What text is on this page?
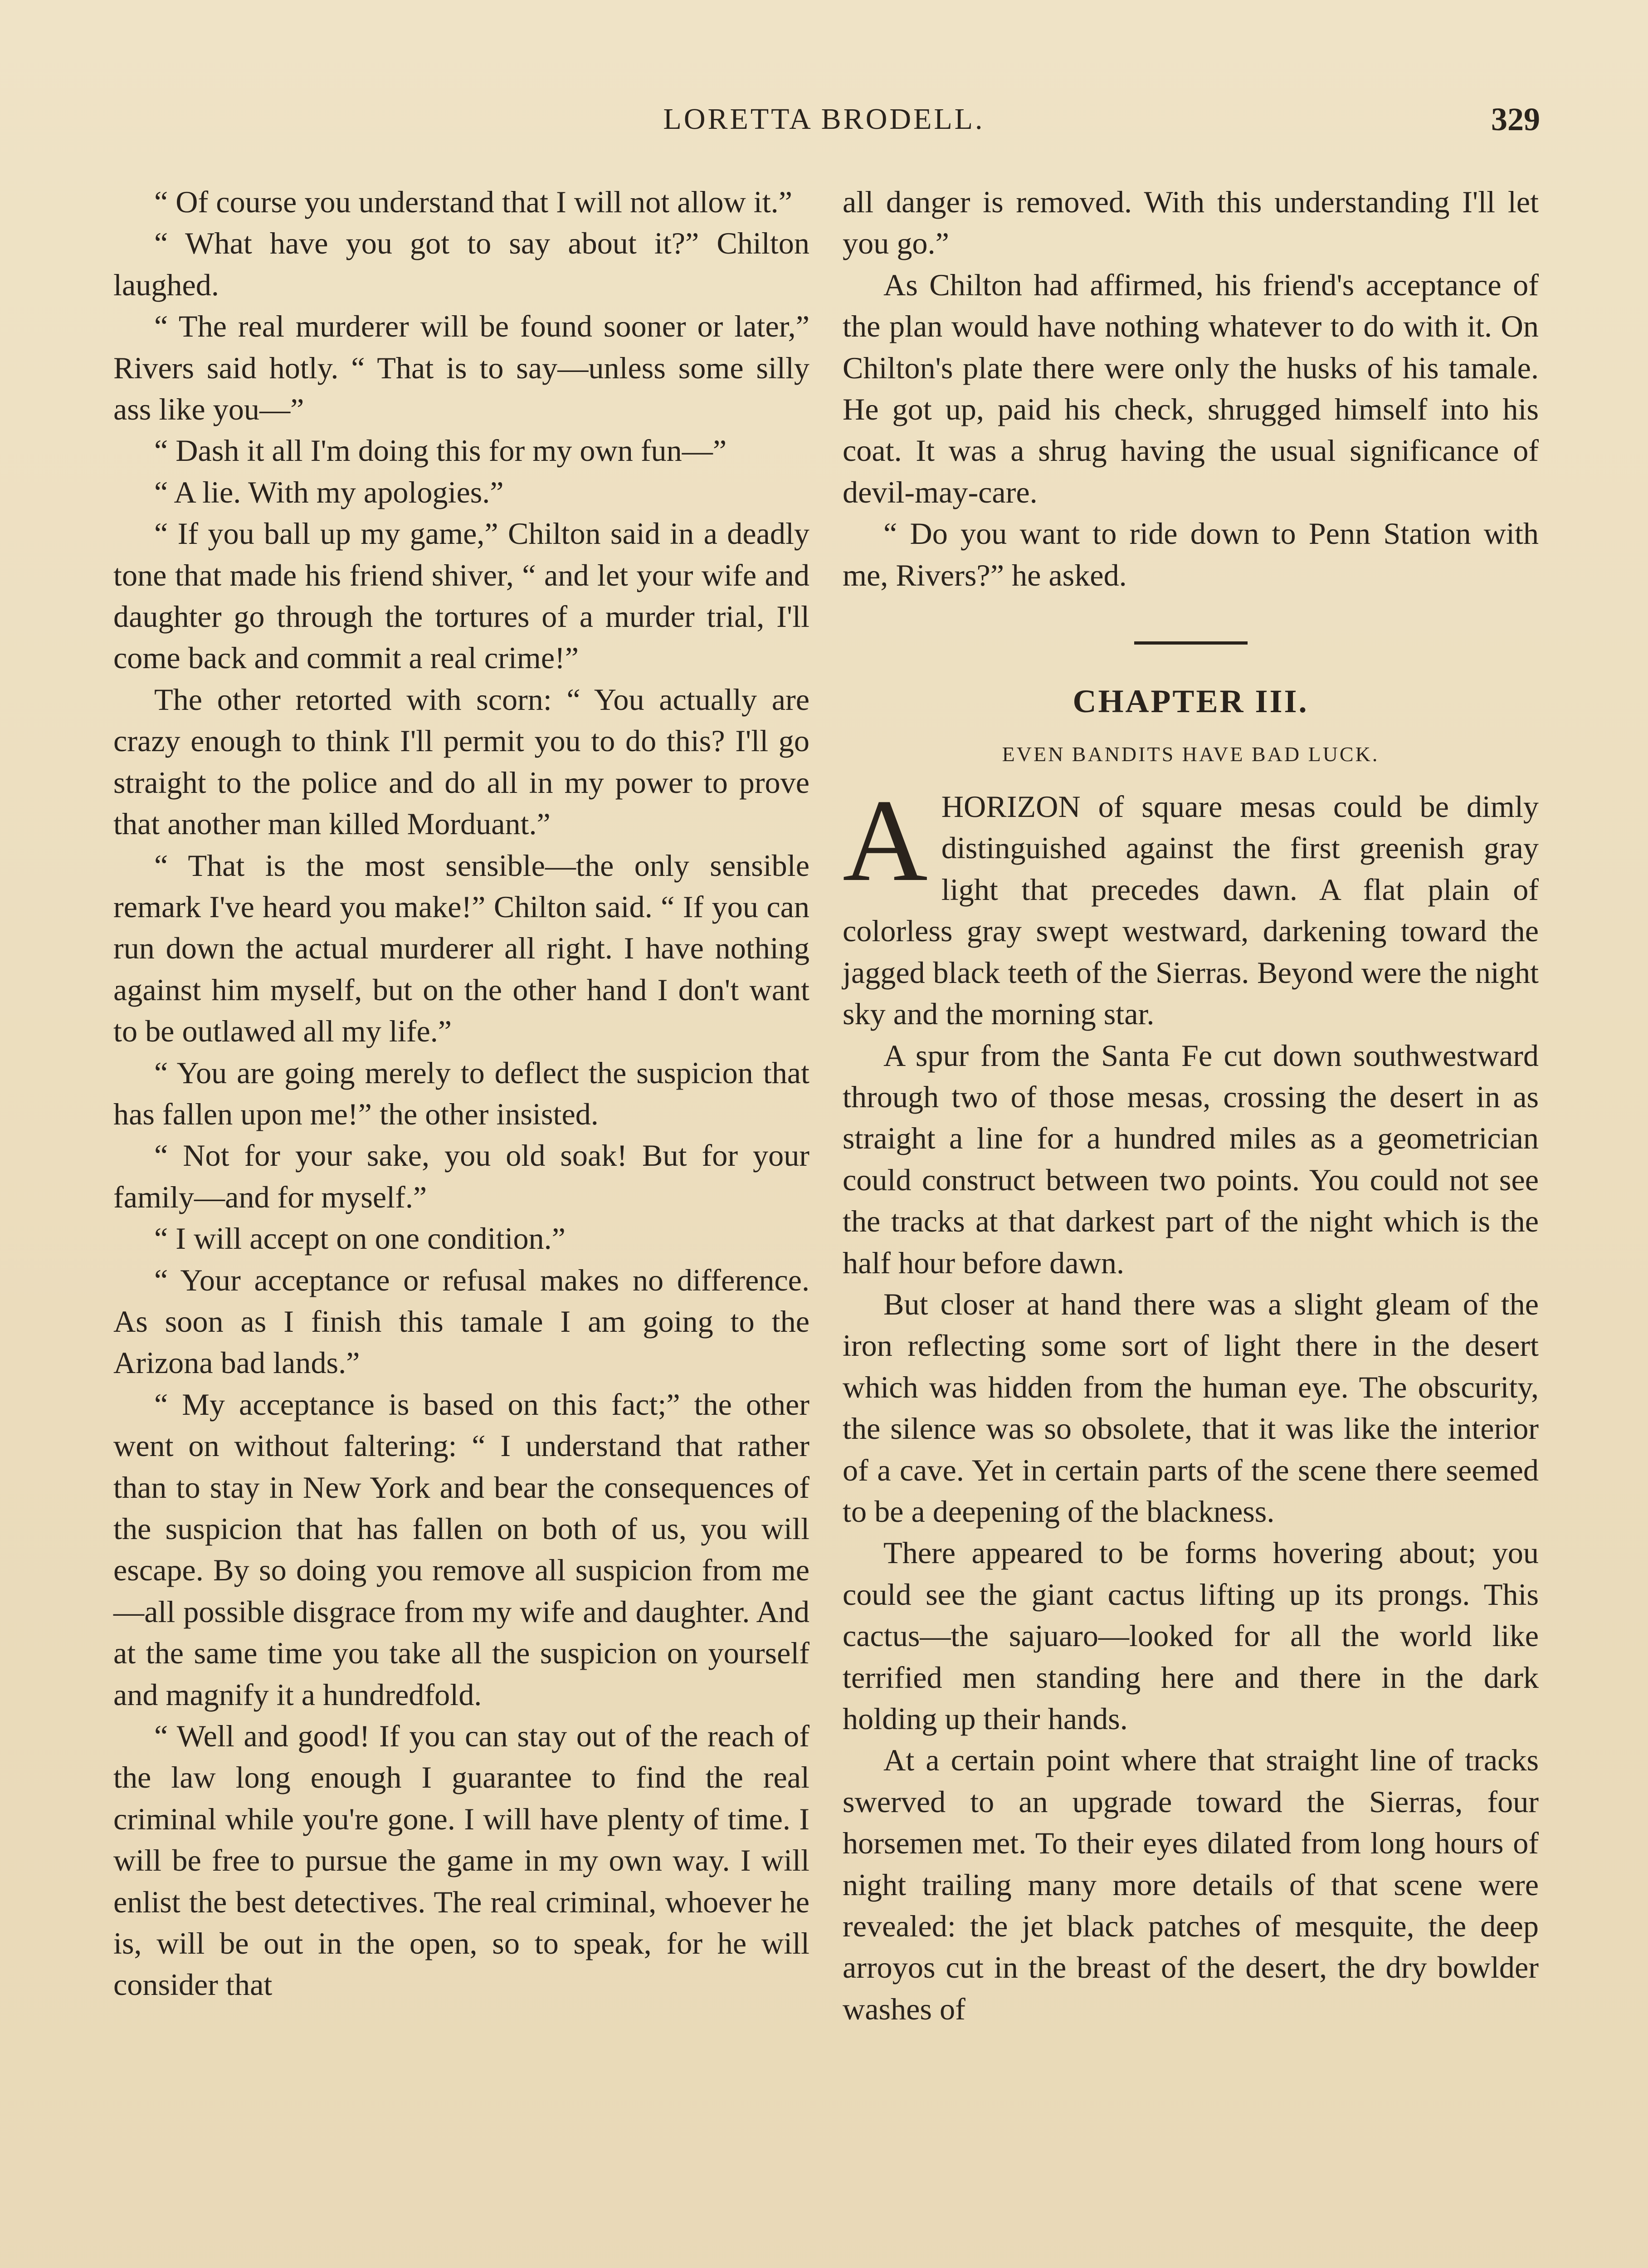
LORETTA BRODELL.	329

“ Of course you understand that I will not allow it.”

“ What have you got to say about it?” Chilton laughed.

“ The real murderer will be found sooner or later,” Rivers said hotly. “ That is to say—unless some silly ass like you—”

“ Dash it all I'm doing this for my own fun—”

“ A lie. With my apologies.”

“ If you ball up my game,” Chilton said in a deadly tone that made his friend shiver, “ and let your wife and daughter go through the tortures of a murder trial, I'll come back and commit a real crime!”

The other retorted with scorn: “ You actually are crazy enough to think I'll permit you to do this? I'll go straight to the police and do all in my power to prove that another man killed Morduant.”

“ That is the most sensible—the only sensible remark I've heard you make!” Chilton said. “ If you can run down the actual murderer all right. I have nothing against him myself, but on the other hand I don't want to be outlawed all my life.”

“ You are going merely to deflect the suspicion that has fallen upon me!” the other insisted.

“ Not for your sake, you old soak! But for your family—and for myself.”

“ I will accept on one condition.”

“ Your acceptance or refusal makes no difference. As soon as I finish this tamale I am going to the Arizona bad lands.”

“ My acceptance is based on this fact;” the other went on without faltering: “ I understand that rather than to stay in New York and bear the consequences of the suspicion that has fallen on both of us, you will escape. By so doing you remove all suspicion from me—all possible disgrace from my wife and daughter. And at the same time you take all the suspicion on yourself and magnify it a hundredfold.

“ Well and good! If you can stay out of the reach of the law long enough I guarantee to find the real criminal while you're gone. I will have plenty of time. I will be free to pursue the game in my own way. I will enlist the best detectives. The real criminal, whoever he is, will be out in the open, so to speak, for he will consider that

all danger is removed. With this understanding I'll let you go.”

As Chilton had affirmed, his friend's acceptance of the plan would have nothing whatever to do with it. On Chilton's plate there were only the husks of his tamale. He got up, paid his check, shrugged himself into his coat. It was a shrug having the usual significance of devil-may-care.

“ Do you want to ride down to Penn Station with me, Rivers?” he asked.

CHAPTER III.
EVEN BANDITS HAVE BAD LUCK.

AHORIZON of square mesas could be dimly distinguished against the first greenish gray light that precedes dawn. A flat plain of colorless gray swept westward, darkening toward the jagged black teeth of the Sierras. Beyond were the night sky and the morning star.

A spur from the Santa Fe cut down southwestward through two of those mesas, crossing the desert in as straight a line for a hundred miles as a geometrician could construct between two points. You could not see the tracks at that darkest part of the night which is the half hour before dawn.

But closer at hand there was a slight gleam of the iron reflecting some sort of light there in the desert which was hidden from the human eye. The obscurity, the silence was so obsolete, that it was like the interior of a cave. Yet in certain parts of the scene there seemed to be a deepening of the blackness.

There appeared to be forms hovering about; you could see the giant cactus lifting up its prongs. This cactus—the sajuaro—looked for all the world like terrified men standing here and there in the dark holding up their hands.

At a certain point where that straight line of tracks swerved to an upgrade toward the Sierras, four horsemen met. To their eyes dilated from long hours of night trailing many more details of that scene were revealed: the jet black patches of mesquite, the deep arroyos cut in the breast of the desert, the dry bowlder washes of
